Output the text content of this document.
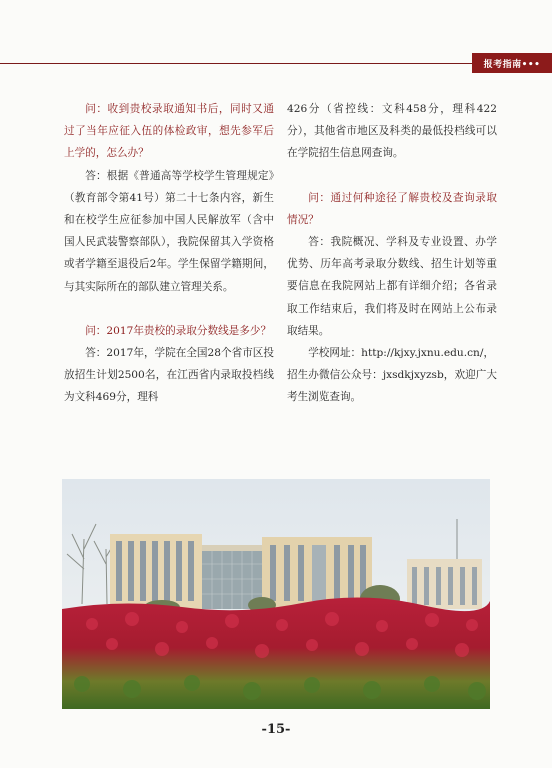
报考指南•••

问：收到贵校录取通知书后，同时又通过了当年应征入伍的体检政审，想先参军后上学的，怎么办？

答：根据《普通高等学校学生管理规定》（教育部令第41号）第二十七条内容，新生和在校学生应征参加中国人民解放军（含中国人民武装警察部队），我院保留其入学资格或者学籍至退役后2年。学生保留学籍期间，与其实际所在的部队建立管理关系。

问：2017年贵校的录取分数线是多少？

答：2017年，学院在全国28个省市区投放招生计划2500名，在江西省内录取投档线为文科469分，理科

426分（省控线：文科458分，理科422分），其他省市地区及科类的最低投档线可以在学院招生信息网查询。

问：通过何种途径了解贵校及查询录取情况？

答：我院概况、学科及专业设置、办学优势、历年高考录取分数线、招生计划等重要信息在我院网站上都有详细介绍；各省录取工作结束后，我们将及时在网站上公布录取结果。

学校网址：http://kjxy.jxnu.edu.cn/，

招生办微信公众号：jxsdkjxyzsb，欢迎广大考生浏览查询。

-15-
